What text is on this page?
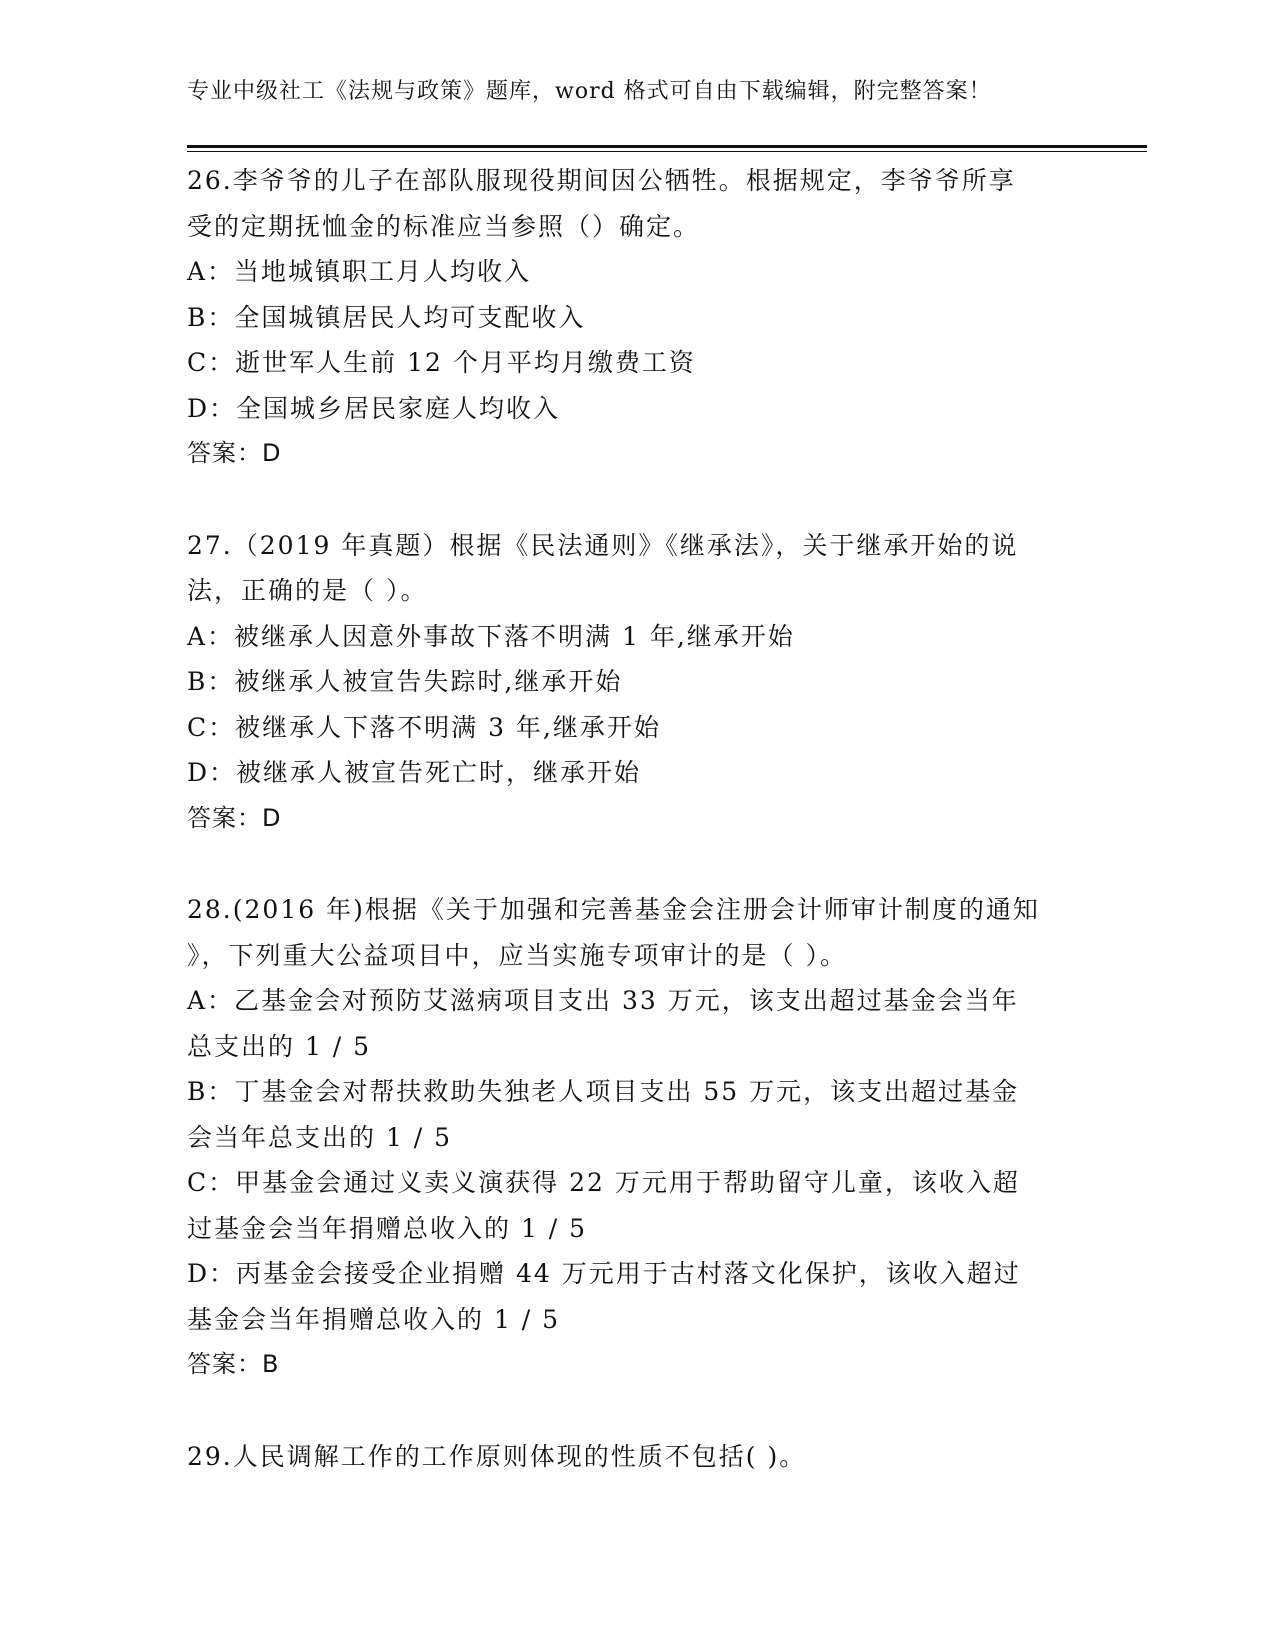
专业中级社工《法规与政策》题库，word 格式可自由下载编辑，附完整答案！
26.李爷爷的儿子在部队服现役期间因公牺牲。根据规定，李爷爷所享
受的定期抚恤金的标准应当参照（）确定。
A：当地城镇职工月人均收入
B：全国城镇居民人均可支配收入
C：逝世军人生前 12 个月平均月缴费工资
D：全国城乡居民家庭人均收入
答案：D
27.（2019 年真题）根据《民法通则》《继承法》，关于继承开始的说
法，正确的是（ ）。
A：被继承人因意外事故下落不明满 1 年,继承开始
B：被继承人被宣告失踪时,继承开始
C：被继承人下落不明满 3 年,继承开始
D：被继承人被宣告死亡时，继承开始
答案：D
28.(2016 年)根据《关于加强和完善基金会注册会计师审计制度的通知
》，下列重大公益项目中，应当实施专项审计的是（ ）。
A：乙基金会对预防艾滋病项目支出 33 万元，该支出超过基金会当年
总支出的 1 / 5
B：丁基金会对帮扶救助失独老人项目支出 55 万元，该支出超过基金
会当年总支出的 1 / 5
C：甲基金会通过义卖义演获得 22 万元用于帮助留守儿童，该收入超
过基金会当年捐赠总收入的 1 / 5
D：丙基金会接受企业捐赠 44 万元用于古村落文化保护，该收入超过
基金会当年捐赠总收入的 1 / 5
答案：B
29.人民调解工作的工作原则体现的性质不包括( )。
